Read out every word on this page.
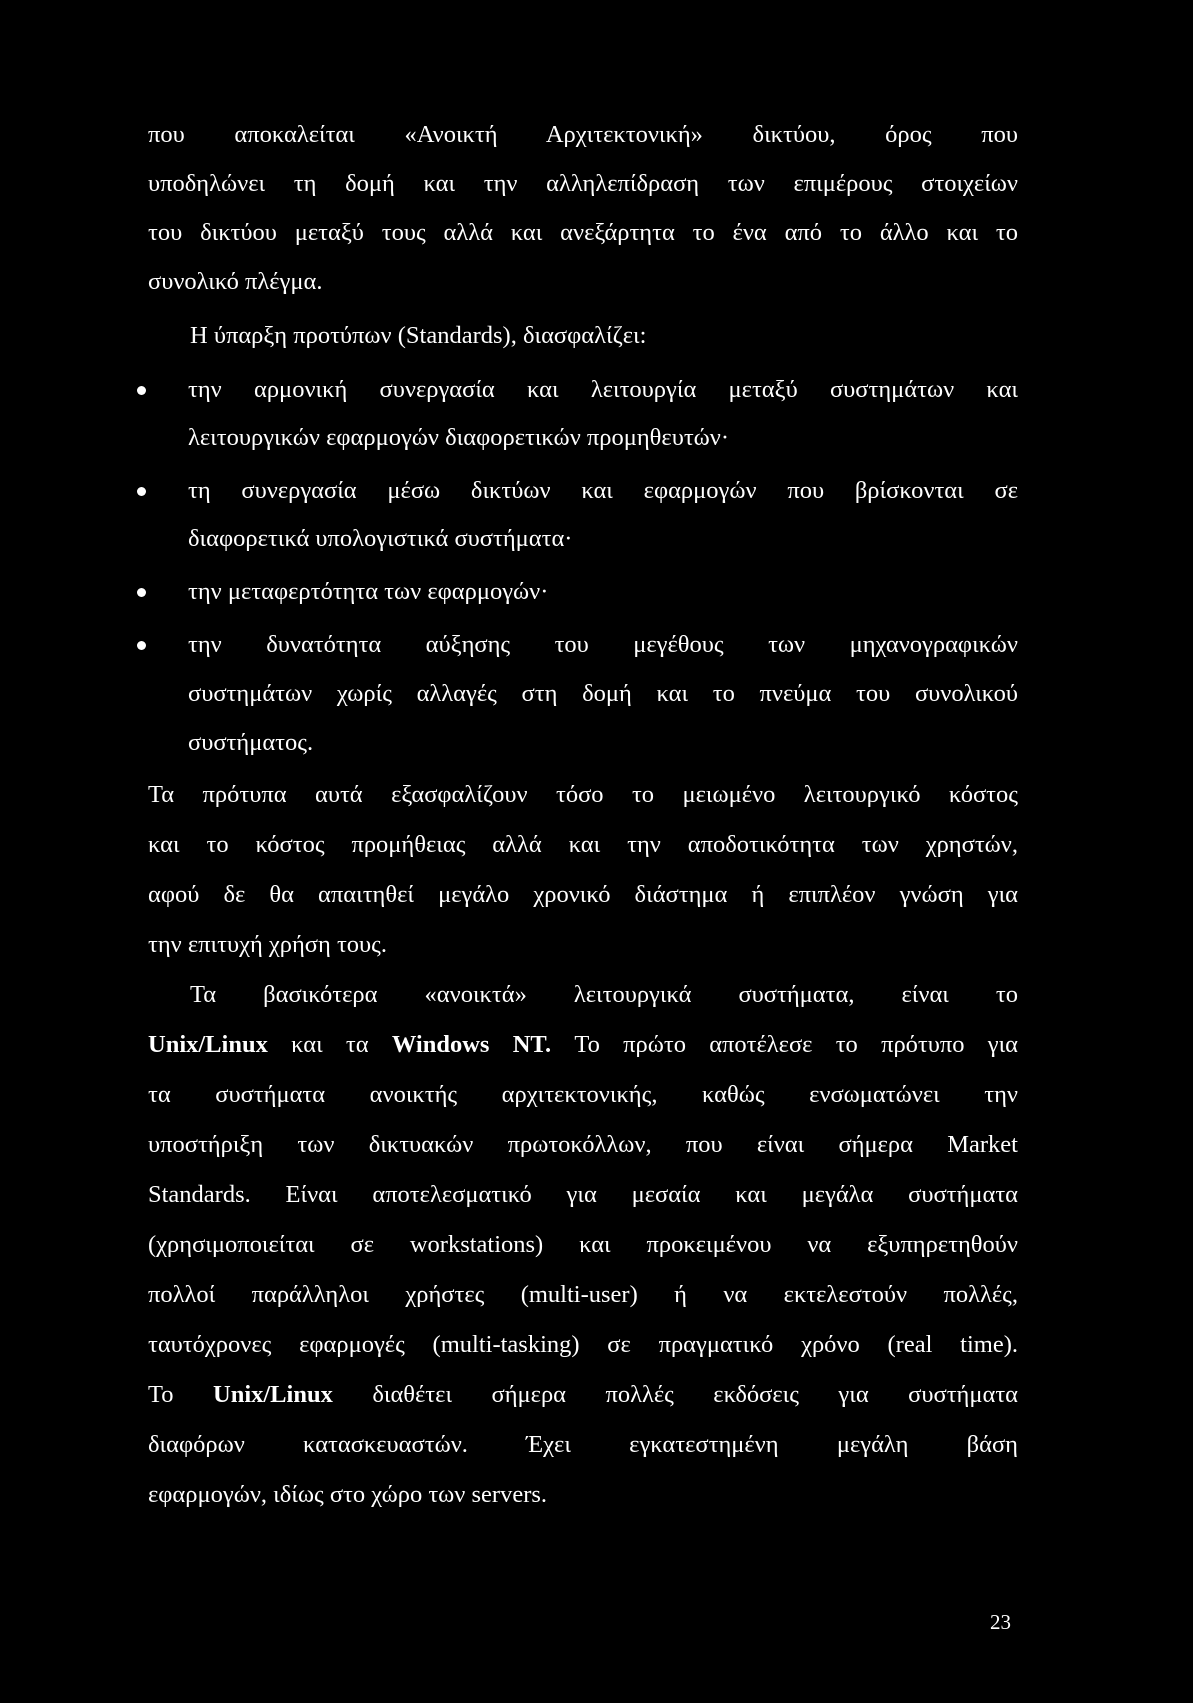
που αποκαλείται «Ανοικτή Αρχιτεκτονική» δικτύου, όρος που
υποδηλώνει τη δομή και την αλληλεπίδραση των επιμέρους στοιχείων
του δικτύου μεταξύ τους αλλά και ανεξάρτητα το ένα από το άλλο και το
συνολικό πλέγμα.
Η ύπαρξη προτύπων (Standards), διασφαλίζει:
την αρμονική συνεργασία και λειτουργία μεταξύ συστημάτων και
λειτουργικών εφαρμογών διαφορετικών προμηθευτών·
τη συνεργασία μέσω δικτύων και εφαρμογών που βρίσκονται σε
διαφορετικά υπολογιστικά συστήματα·
την μεταφερτότητα των εφαρμογών·
την δυνατότητα αύξησης του μεγέθους των μηχανογραφικών
συστημάτων χωρίς αλλαγές στη δομή και το πνεύμα του συνολικού
συστήματος.
Τα πρότυπα αυτά εξασφαλίζουν τόσο το μειωμένο λειτουργικό κόστος
και το κόστος προμήθειας αλλά και την αποδοτικότητα των χρηστών,
αφού δε θα απαιτηθεί μεγάλο χρονικό διάστημα ή επιπλέον γνώση για
την επιτυχή χρήση τους.
Τα βασικότερα «ανοικτά» λειτουργικά συστήματα, είναι το
Unix/Linux και τα Windows NT. Το πρώτο αποτέλεσε το πρότυπο για
τα συστήματα ανοικτής αρχιτεκτονικής, καθώς ενσωματώνει την
υποστήριξη των δικτυακών πρωτοκόλλων, που είναι σήμερα Market
Standards. Είναι αποτελεσματικό για μεσαία και μεγάλα συστήματα
(χρησιμοποιείται σε workstations) και προκειμένου να εξυπηρετηθούν
πολλοί παράλληλοι χρήστες (multi-user) ή να εκτελεστούν πολλές,
ταυτόχρονες εφαρμογές (multi-tasking) σε πραγματικό χρόνο (real time).
Το Unix/Linux διαθέτει σήμερα πολλές εκδόσεις για συστήματα
διαφόρων κατασκευαστών. Έχει εγκατεστημένη μεγάλη βάση
εφαρμογών, ιδίως στο χώρο των servers.
23
